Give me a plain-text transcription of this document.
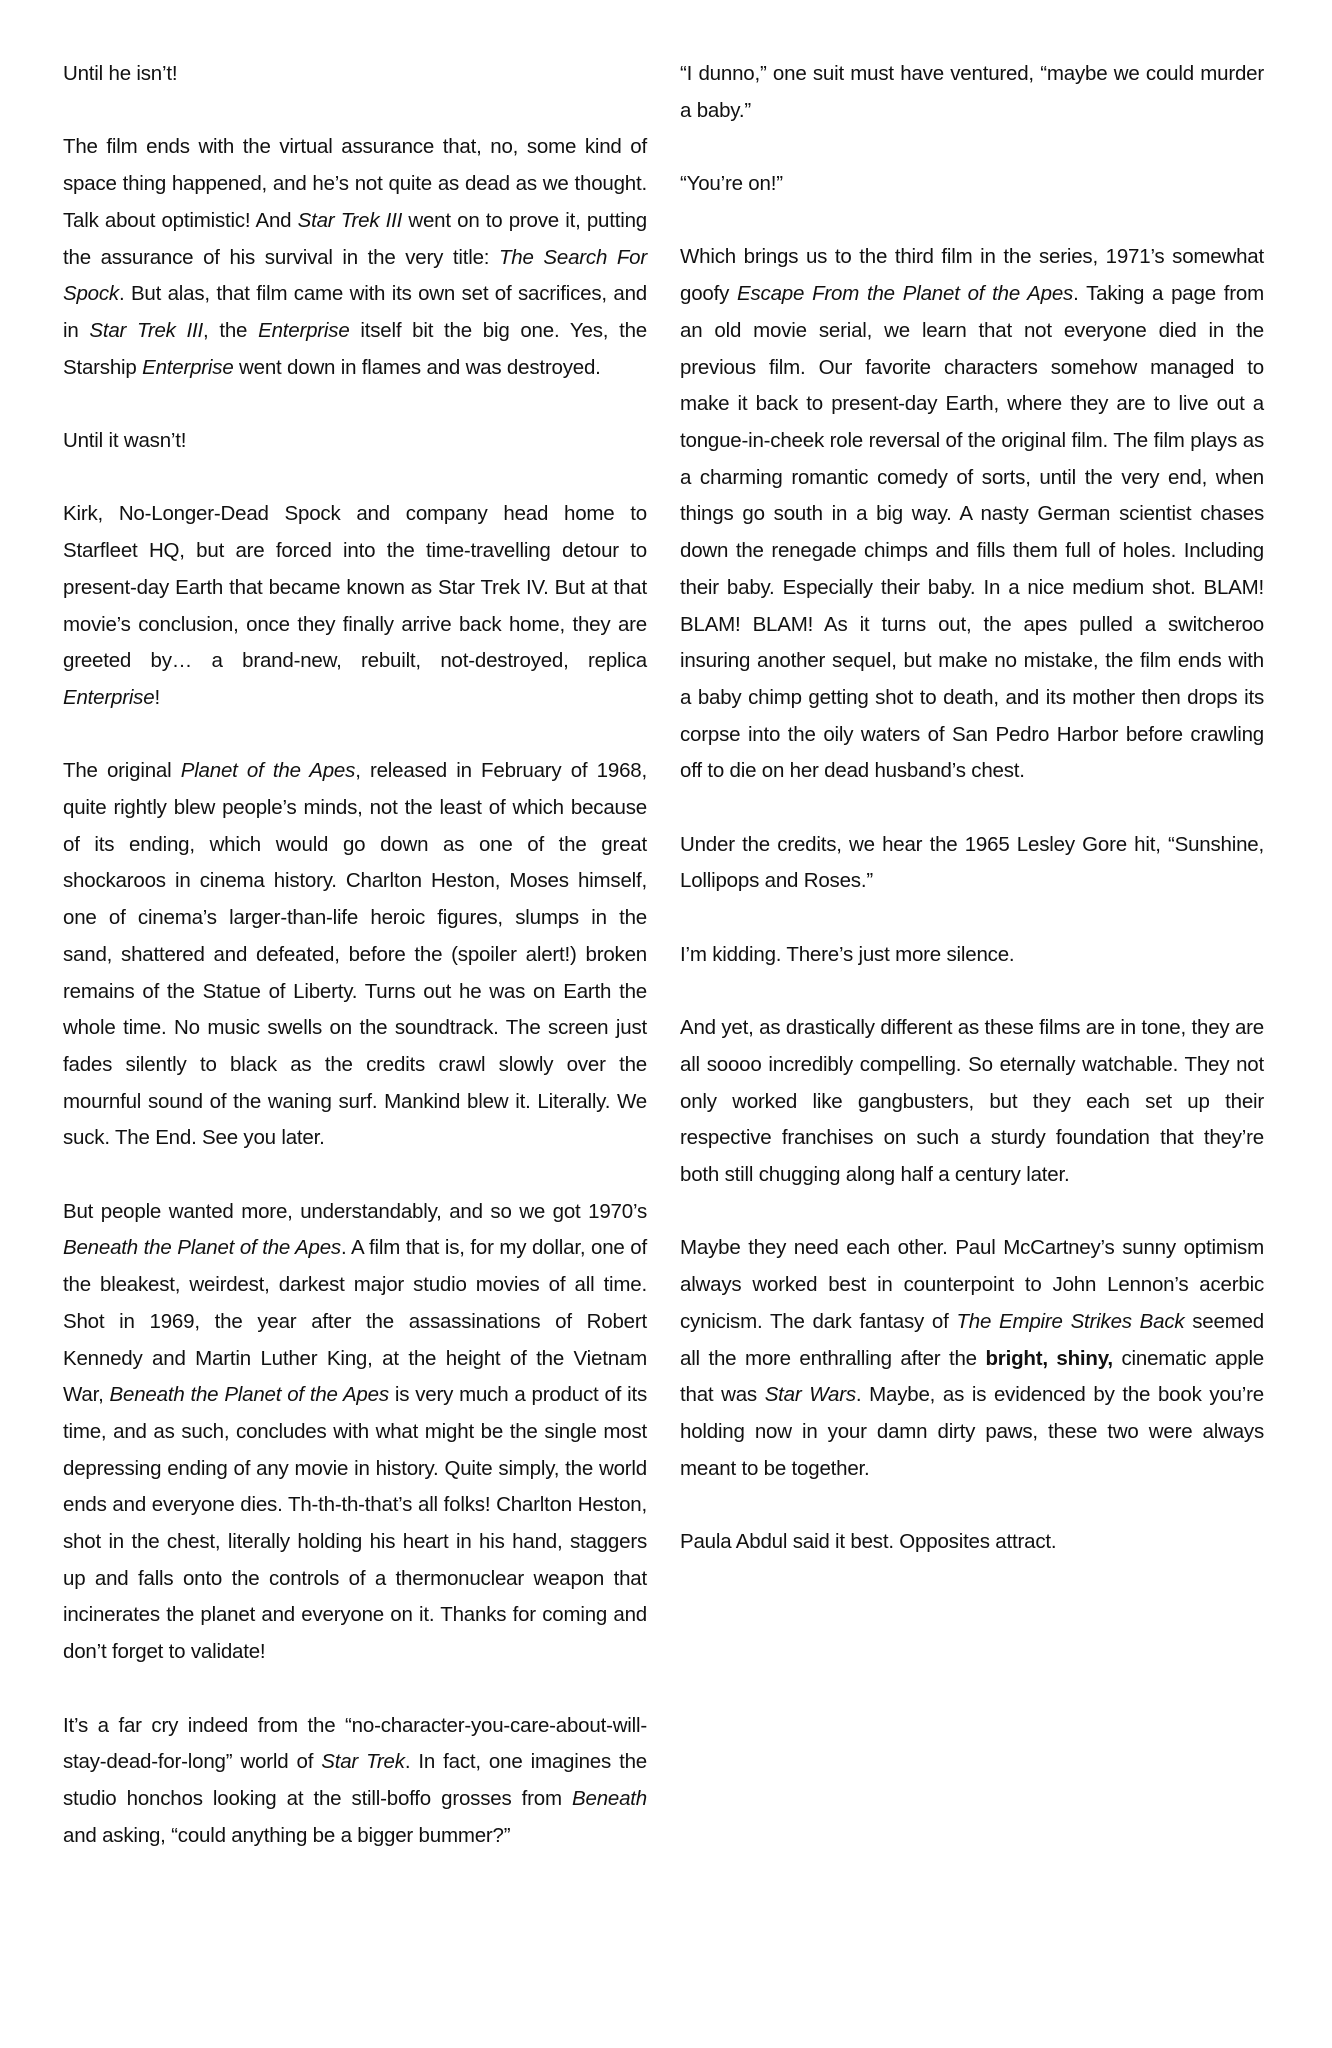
Until he isn’t!

The film ends with the virtual assurance that, no, some kind of space thing happened, and he’s not quite as dead as we thought. Talk about optimistic! And Star Trek III went on to prove it, putting the assurance of his survival in the very title: The Search For Spock. But alas, that film came with its own set of sacrifices, and in Star Trek III, the Enterprise itself bit the big one. Yes, the Starship Enterprise went down in flames and was destroyed.

Until it wasn’t!

Kirk, No-Longer-Dead Spock and company head home to Starfleet HQ, but are forced into the time-travelling detour to present-day Earth that became known as Star Trek IV. But at that movie’s conclusion, once they finally arrive back home, they are greeted by… a brand-new, rebuilt, not-destroyed, replica Enterprise!

The original Planet of the Apes, released in February of 1968, quite rightly blew people’s minds, not the least of which because of its ending, which would go down as one of the great shockaroos in cinema history. Charlton Heston, Moses himself, one of cinema’s larger-than-life heroic figures, slumps in the sand, shattered and defeated, before the (spoiler alert!) broken remains of the Statue of Liberty. Turns out he was on Earth the whole time. No music swells on the soundtrack. The screen just fades silently to black as the credits crawl slowly over the mournful sound of the waning surf. Mankind blew it. Literally. We suck. The End. See you later.

But people wanted more, understandably, and so we got 1970’s Beneath the Planet of the Apes. A film that is, for my dollar, one of the bleakest, weirdest, darkest major studio movies of all time. Shot in 1969, the year after the assassinations of Robert Kennedy and Martin Luther King, at the height of the Vietnam War, Beneath the Planet of the Apes is very much a product of its time, and as such, concludes with what might be the single most depressing ending of any movie in history. Quite simply, the world ends and everyone dies. Th-th-th-that’s all folks! Charlton Heston, shot in the chest, literally holding his heart in his hand, staggers up and falls onto the controls of a thermonuclear weapon that incinerates the planet and everyone on it. Thanks for coming and don’t forget to validate!

It’s a far cry indeed from the “no-character-you-care-about-will-stay-dead-for-long” world of Star Trek. In fact, one imagines the studio honchos looking at the still-boffo grosses from Beneath and asking, “could anything be a bigger bummer?”

“I dunno,” one suit must have ventured, “maybe we could murder a baby.”

“You’re on!”

Which brings us to the third film in the series, 1971’s somewhat goofy Escape From the Planet of the Apes. Taking a page from an old movie serial, we learn that not everyone died in the previous film. Our favorite characters somehow managed to make it back to present-day Earth, where they are to live out a tongue-in-cheek role reversal of the original film. The film plays as a charming romantic comedy of sorts, until the very end, when things go south in a big way. A nasty German scientist chases down the renegade chimps and fills them full of holes. Including their baby. Especially their baby. In a nice medium shot. BLAM! BLAM! BLAM! As it turns out, the apes pulled a switcheroo insuring another sequel, but make no mistake, the film ends with a baby chimp getting shot to death, and its mother then drops its corpse into the oily waters of San Pedro Harbor before crawling off to die on her dead husband’s chest.

Under the credits, we hear the 1965 Lesley Gore hit, “Sunshine, Lollipops and Roses.”

I’m kidding. There’s just more silence.

And yet, as drastically different as these films are in tone, they are all soooo incredibly compelling. So eternally watchable. They not only worked like gangbusters, but they each set up their respective franchises on such a sturdy foundation that they’re both still chugging along half a century later.

Maybe they need each other. Paul McCartney’s sunny optimism always worked best in counterpoint to John Lennon’s acerbic cynicism. The dark fantasy of The Empire Strikes Back seemed all the more enthralling after the bright, shiny, cinematic apple that was Star Wars. Maybe, as is evidenced by the book you’re holding now in your damn dirty paws, these two were always meant to be together.

Paula Abdul said it best. Opposites attract.
